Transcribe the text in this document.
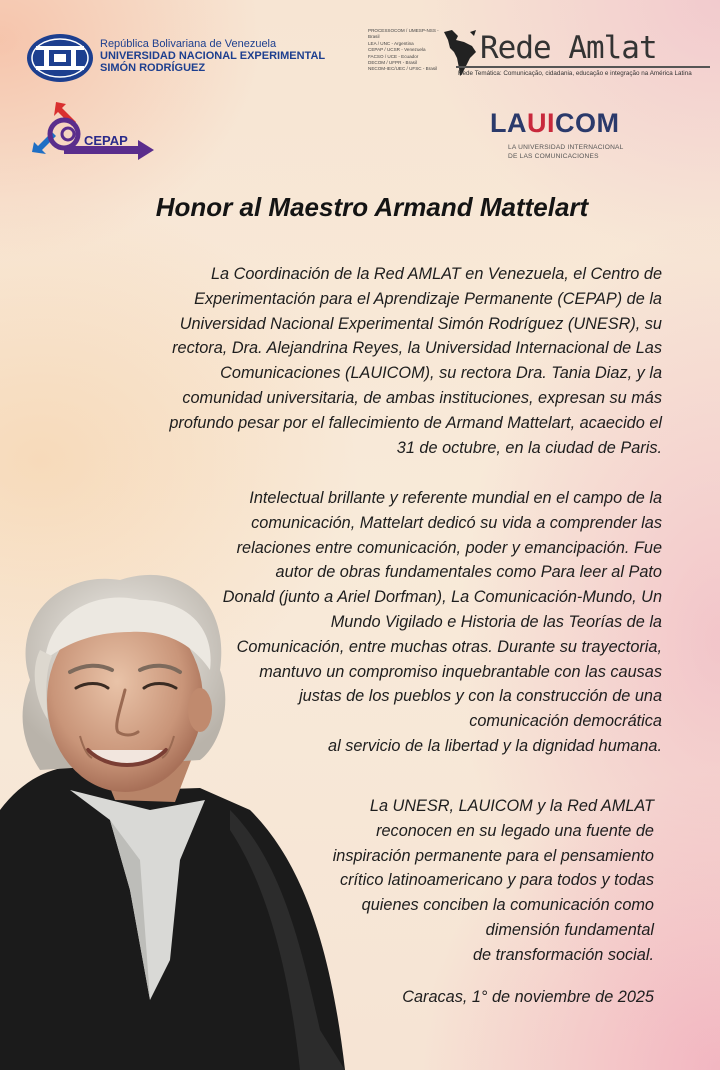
República Bolivariana de Venezuela
UNIVERSIDAD NACIONAL EXPERIMENTAL
SIMÓN RODRÍGUEZ
PROCESSOCOM / UMESP-NSS - Brasil
LEA / UNC - Argentina
CEPAP / UCSR - Venezuela
FACSO / UCE - Ecuador
DECOM / UFPR - Brasil
NECOM-IEC/UEC / UFSC - Brasil
Rede Amlat
Rede Temática: Comunicação, cidadania, educação e integração na América Latina
CEPAP
LAUICOM
LA UNIVERSIDAD INTERNACIONAL
DE LAS COMUNICACIONES
Honor al Maestro Armand Mattelart

La Coordinación de la Red AMLAT en Venezuela, el Centro de
Experimentación para el Aprendizaje Permanente (CEPAP) de la
Universidad Nacional Experimental Simón Rodríguez (UNESR), su
rectora, Dra. Alejandrina Reyes, la Universidad Internacional de Las
Comunicaciones (LAUICOM), su rectora Dra. Tania Diaz, y la
comunidad universitaria, de ambas instituciones, expresan su más
profundo pesar por el fallecimiento de Armand Mattelart, acaecido el
31 de octubre, en la ciudad de Paris.

Intelectual brillante y referente mundial en el campo de la
comunicación, Mattelart dedicó su vida a comprender las
relaciones entre comunicación, poder y emancipación. Fue
autor de obras fundamentales como Para leer al Pato
Donald (junto a Ariel Dorfman), La Comunicación-Mundo, Un
Mundo Vigilado e Historia de las Teorías de la
Comunicación, entre muchas otras. Durante su trayectoria,
mantuvo un compromiso inquebrantable con las causas
justas de los pueblos y con la construcción de una
comunicación democrática
al servicio de la libertad y la dignidad humana.

La UNESR, LAUICOM y la Red AMLAT
reconocen en su legado una fuente de
inspiración permanente para el pensamiento
crítico latinoamericano y para todos y todas
quienes conciben la comunicación como
dimensión fundamental
de transformación social.

Caracas, 1° de noviembre de 2025
